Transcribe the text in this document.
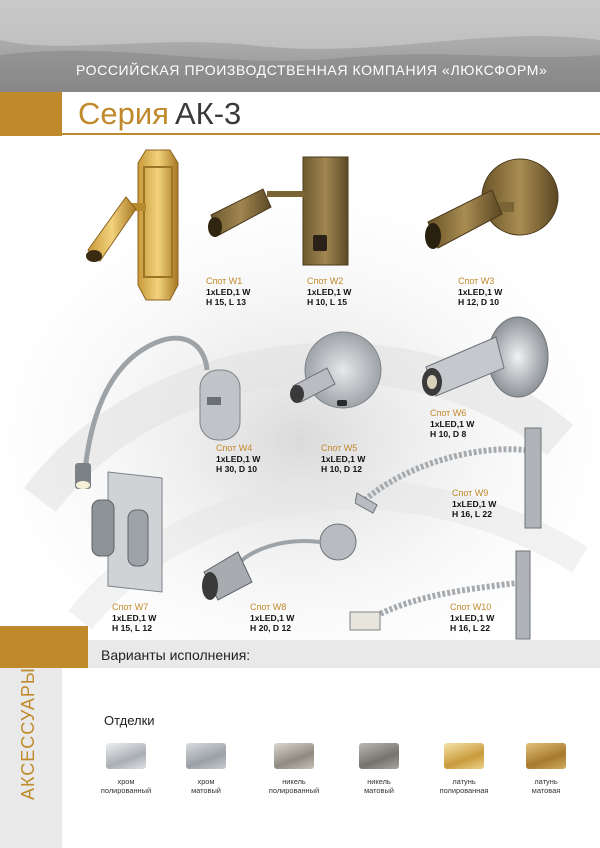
РОССИЙСКАЯ ПРОИЗВОДСТВЕННАЯ КОМПАНИЯ «ЛЮКСФОРМ»
Серия АК-3
Спот W1
1xLED,1 W
H 15, L 13
Спот W2
1xLED,1 W
H 10, L 15
Спот W3
1xLED,1 W
H 12, D 10
Спот W4
1xLED,1 W
H 30, D 10
Спот W5
1xLED,1 W
H 10, D 12
Спот W6
1xLED,1 W
H 10, D 8
Спот W9
1xLED,1 W
H 16, L 22
Спот W7
1xLED,1 W
H 15, L 12
Спот W8
1xLED,1 W
H 20, D 12
Спот W10
1xLED,1 W
H 16, L 22
Варианты исполнения:
АКСЕССУАРЫ	Отделки
хром
полированный
хром
матовый
никель
полированный
никель
матовый
латунь
полированная
латунь
матовая
